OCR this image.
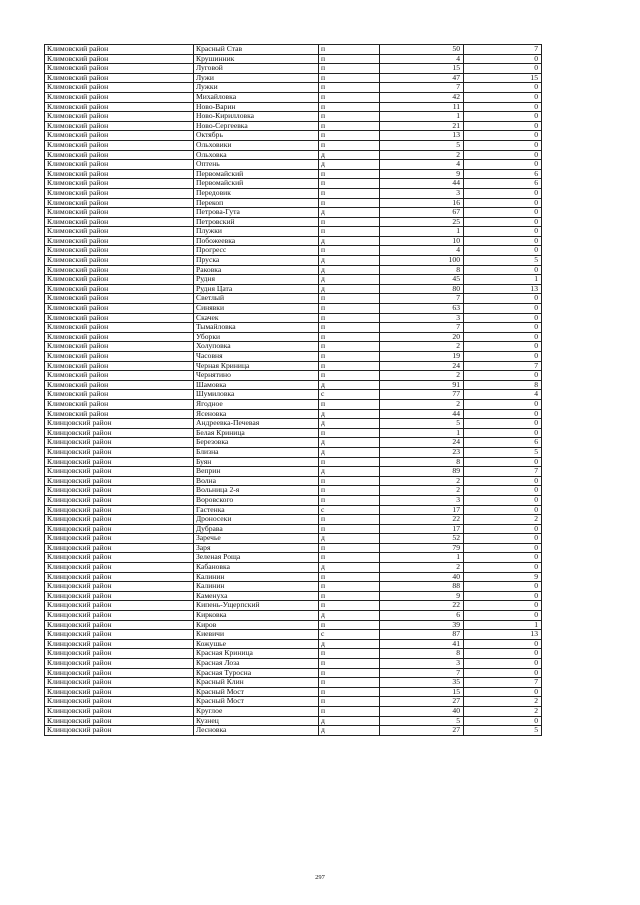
Климовский район	Красный Став	п	50	7
Климовский район	Крушинник	п	4	0
Климовский район	Луговой	п	15	0
Климовский район	Лужи	п	47	15
Климовский район	Лужки	п	7	0
Климовский район	Михайловка	п	42	0
Климовский район	Ново-Варин	п	11	0
Климовский район	Ново-Кирилловка	п	1	0
Климовский район	Ново-Сергеевка	п	21	0
Климовский район	Октябрь	п	13	0
Климовский район	Ольховики	п	5	0
Климовский район	Ольховка	д	2	0
Климовский район	Оптень	д	4	0
Климовский район	Первомайский	п	9	6
Климовский район	Первомайский	п	44	6
Климовский район	Передовик	п	3	0
Климовский район	Перекоп	п	16	0
Климовский район	Петрова-Гута	д	67	0
Климовский район	Петровский	п	25	0
Климовский район	Плужки	п	1	0
Климовский район	Побожеевка	д	10	0
Климовский район	Прогресс	п	4	0
Климовский район	Пруска	д	100	5
Климовский район	Раковка	д	8	0
Климовский район	Рудня	д	45	1
Климовский район	Рудня Цата	д	80	13
Климовский район	Светлый	п	7	0
Климовский район	Синявки	п	63	0
Климовский район	Скачек	п	3	0
Климовский район	Тымайловка	п	7	0
Климовский район	Уборки	п	20	0
Климовский район	Холуповка	п	2	0
Климовский район	Часовня	п	19	0
Климовский район	Черная Криница	п	24	7
Климовский район	Чернятино	п	2	0
Климовский район	Шамовка	д	91	8
Климовский район	Шумиловка	с	77	4
Климовский район	Ягодное	п	2	0
Климовский район	Ясеновка	д	44	0
Клинцовский район	Андреевка-Печевая	д	5	0
Клинцовский район	Белая Криница	п	1	0
Клинцовский район	Березовка	д	24	6
Клинцовский район	Близна	д	23	5
Клинцовский район	Буян	п	8	0
Клинцовский район	Веприн	д	89	7
Клинцовский район	Волна	п	2	0
Клинцовский район	Вольница 2-я	п	2	0
Клинцовский район	Воровского	п	3	0
Клинцовский район	Гастенка	с	17	0
Клинцовский район	Дроносеки	п	22	2
Клинцовский район	Дубрава	п	17	0
Клинцовский район	Заречье	д	52	0
Клинцовский район	Заря	п	79	0
Клинцовский район	Зеленая Роща	п	1	0
Клинцовский район	Кабановка	д	2	0
Клинцовский район	Калинин	п	40	9
Клинцовский район	Калинин	п	88	0
Клинцовский район	Каменуха	п	9	0
Клинцовский район	Кипень-Ущерпский	п	22	0
Клинцовский район	Кирковка	д	6	0
Клинцовский район	Киров	п	39	1
Клинцовский район	Киевичи	с	87	13
Клинцовский район	Кожушье	д	41	0
Клинцовский район	Красная Криница	п	8	0
Клинцовский район	Красная Лоза	п	3	0
Клинцовский район	Красная Туросна	п	7	0
Клинцовский район	Красный Клин	п	35	7
Клинцовский район	Красный Мост	п	15	0
Клинцовский район	Красный Мост	п	27	2
Клинцовский район	Круглое	п	40	2
Клинцовский район	Кузнец	д	5	0
Клинцовский район	Лесновка	д	27	5
297
